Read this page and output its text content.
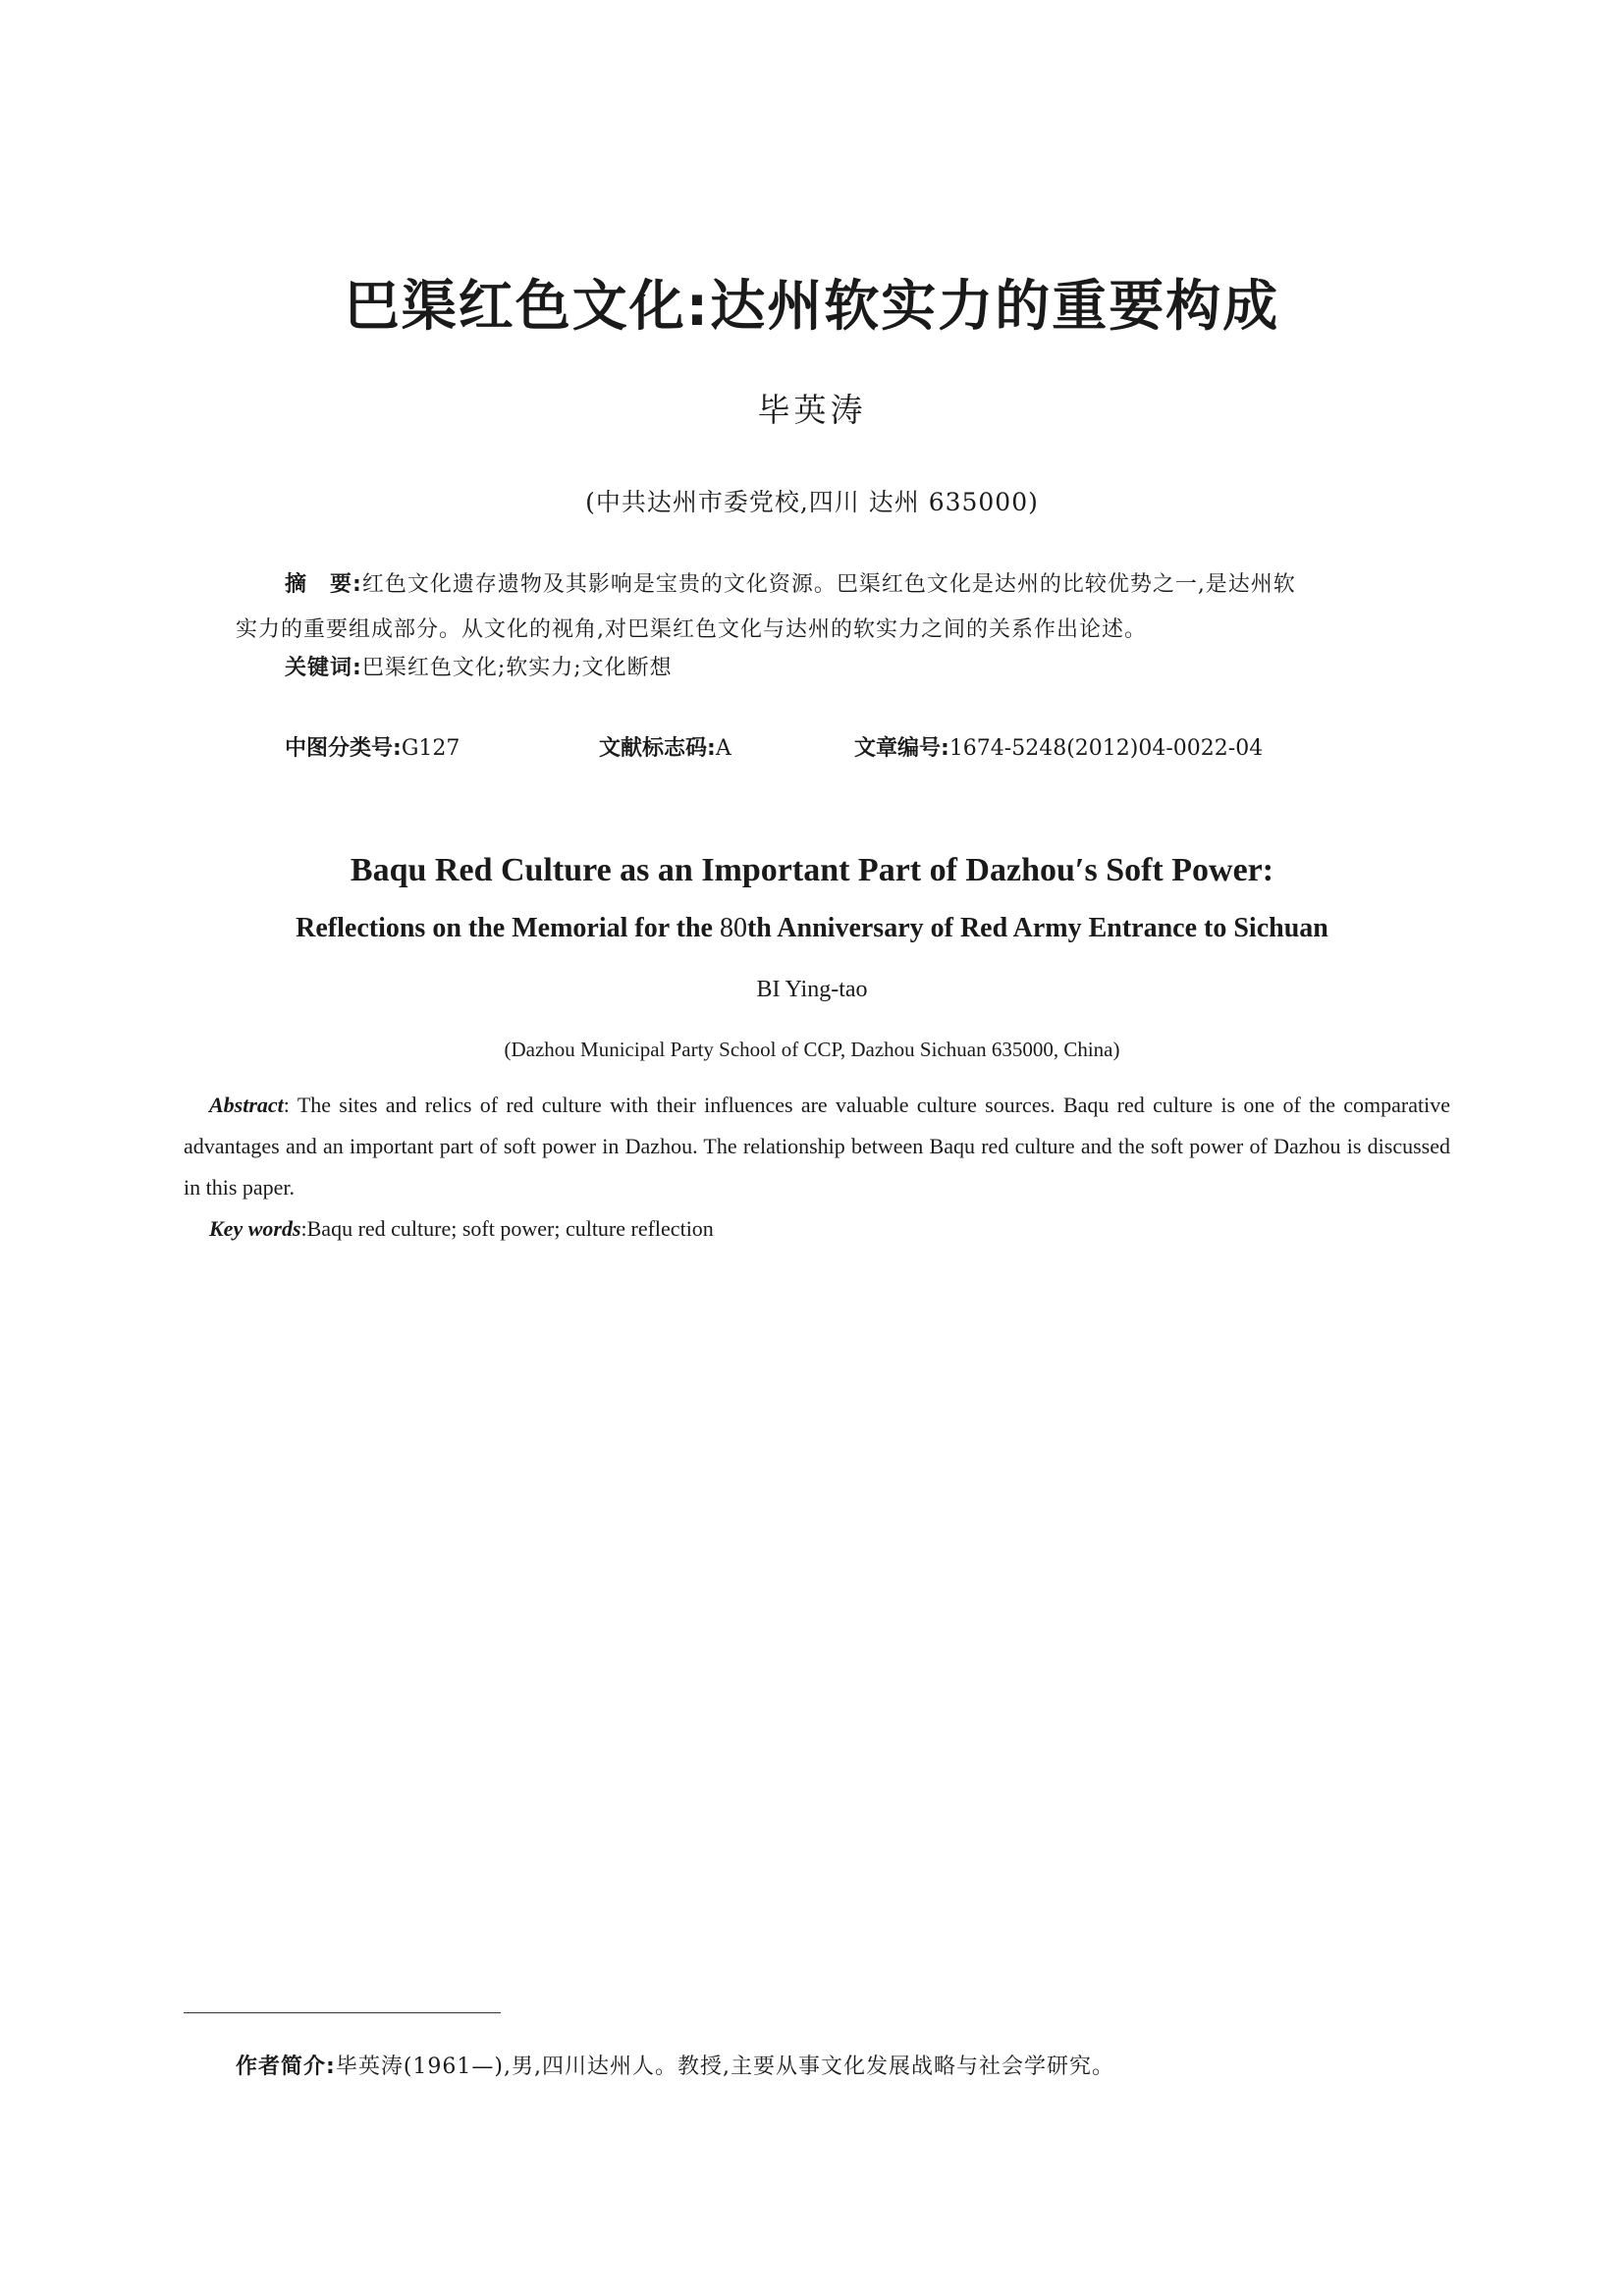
巴渠红色文化:达州软实力的重要构成
毕英涛
(中共达州市委党校,四川 达州 635000)
摘　要:红色文化遗存遗物及其影响是宝贵的文化资源。巴渠红色文化是达州的比较优势之一,是达州软
实力的重要组成部分。从文化的视角,对巴渠红色文化与达州的软实力之间的关系作出论述。
关键词:巴渠红色文化;软实力;文化断想
中图分类号:G127	文献标志码:A	文章编号:1674-5248(2012)04-0022-04
Baqu Red Culture as an Important Part of Dazhou′s Soft Power:
Reflections on the Memorial for the 80th Anniversary of Red Army Entrance to Sichuan
BI Ying-tao
(Dazhou Municipal Party School of CCP, Dazhou Sichuan 635000, China)
Abstract: The sites and relics of red culture with their influences are valuable culture sources. Baqu red culture is one of the comparative advantages and an important part of soft power in Dazhou. The relationship between Baqu red culture and the soft power of Dazhou is discussed in this paper.
Key words:Baqu red culture; soft power; culture reflection
作者简介:毕英涛(1961—),男,四川达州人。教授,主要从事文化发展战略与社会学研究。
